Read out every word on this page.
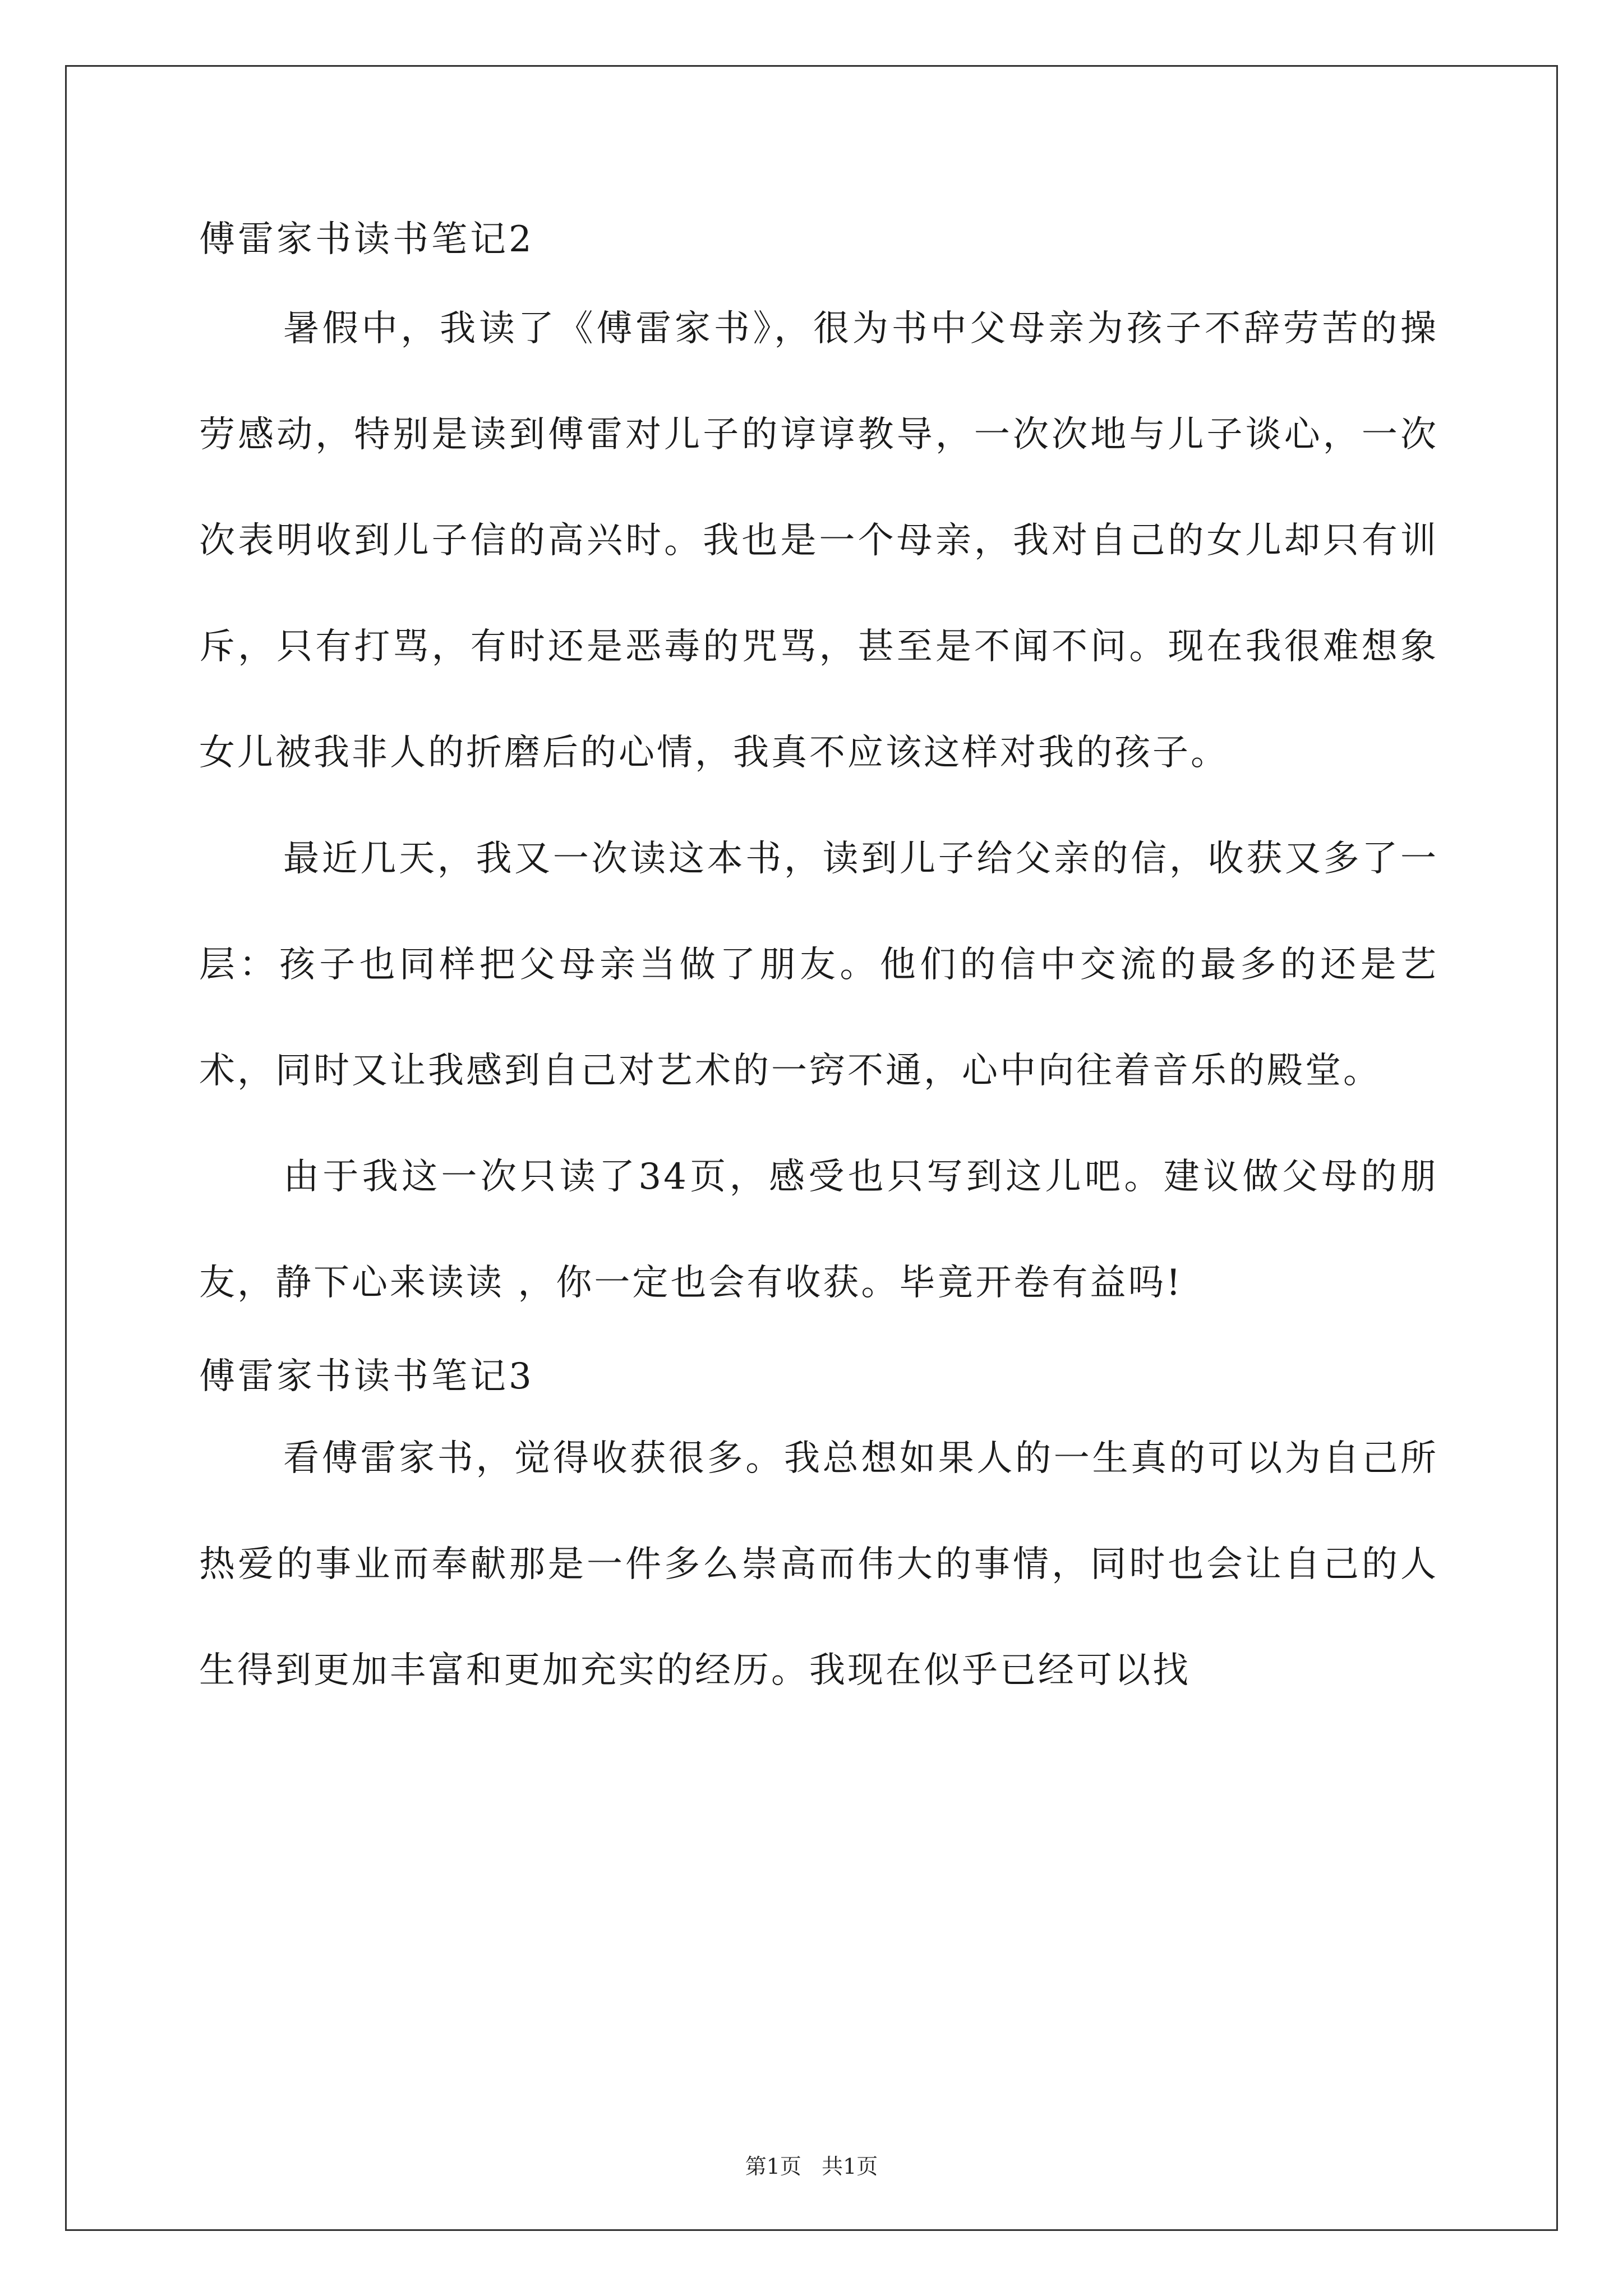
傅雷家书读书笔记2

暑假中，我读了《傅雷家书》，很为书中父母亲为孩子不辞劳苦的操劳感动，特别是读到傅雷对儿子的谆谆教导，一次次地与儿子谈心，一次次表明收到儿子信的高兴时。我也是一个母亲，我对自己的女儿却只有训斥，只有打骂，有时还是恶毒的咒骂，甚至是不闻不问。现在我很难想象女儿被我非人的折磨后的心情，我真不应该这样对我的孩子。

最近几天，我又一次读这本书，读到儿子给父亲的信，收获又多了一层：孩子也同样把父母亲当做了朋友。他们的信中交流的最多的还是艺术，同时又让我感到自己对艺术的一窍不通，心中向往着音乐的殿堂。

由于我这一次只读了34页，感受也只写到这儿吧。建议做父母的朋友，静下心来读读 ，你一定也会有收获。毕竟开卷有益吗!

傅雷家书读书笔记3

看傅雷家书，觉得收获很多。我总想如果人的一生真的可以为自己所热爱的事业而奉献那是一件多么崇高而伟大的事情，同时也会让自己的人生得到更加丰富和更加充实的经历。我现在似乎已经可以找

第1页   共1页
